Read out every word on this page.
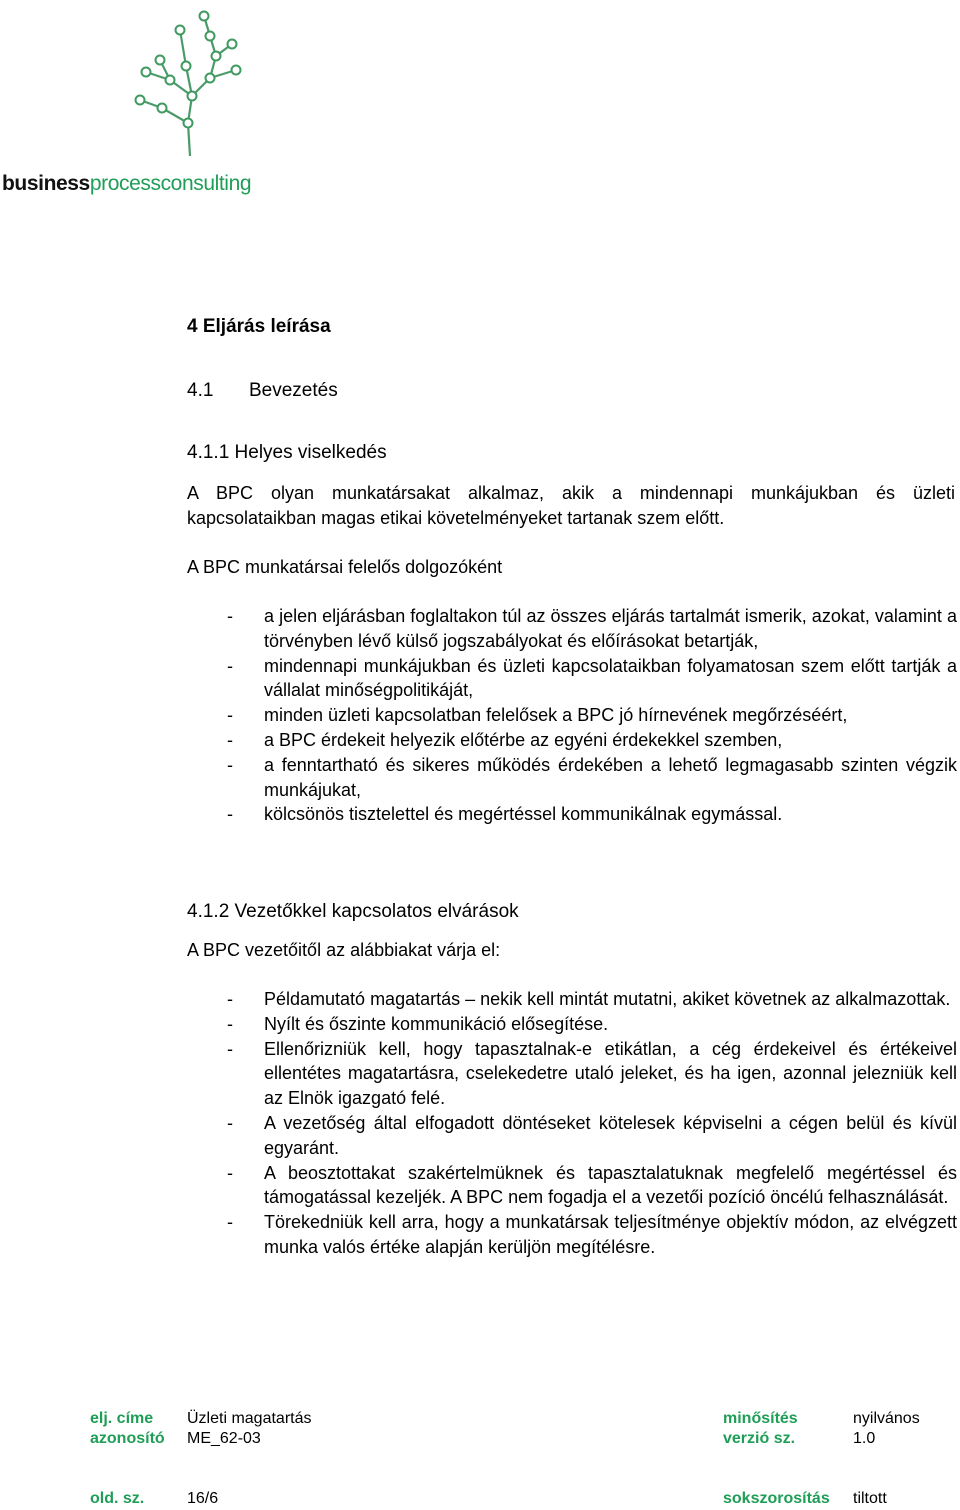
businessprocessconsulting
4 Eljárás leírása
4.1 Bevezetés
4.1.1 Helyes viselkedés
A BPC olyan munkatársakat alkalmaz, akik a mindennapi munkájukban és üzleti kapcsolataikban magas etikai követelményeket tartanak szem előtt.
A BPC munkatársai felelős dolgozóként
- a jelen eljárásban foglaltakon túl az összes eljárás tartalmát ismerik, azokat, valamint a törvényben lévő külső jogszabályokat és előírásokat betartják,
- mindennapi munkájukban és üzleti kapcsolataikban folyamatosan szem előtt tartják a vállalat minőségpolitikáját,
- minden üzleti kapcsolatban felelősek a BPC jó hírnevének megőrzéséért,
- a BPC érdekeit helyezik előtérbe az egyéni érdekekkel szemben,
- a fenntartható és sikeres működés érdekében a lehető legmagasabb szinten végzik munkájukat,
- kölcsönös tisztelettel és megértéssel kommunikálnak egymással.
4.1.2 Vezetőkkel kapcsolatos elvárások
A BPC vezetőitől az alábbiakat várja el:
- Példamutató magatartás – nekik kell mintát mutatni, akiket követnek az alkalmazottak.
- Nyílt és őszinte kommunikáció elősegítése.
- Ellenőrizniük kell, hogy tapasztalnak-e etikátlan, a cég érdekeivel és értékeivel ellentétes magatartásra, cselekedetre utaló jeleket, és ha igen, azonnal jelezniük kell az Elnök igazgató felé.
- A vezetőség által elfogadott döntéseket kötelesek képviselni a cégen belül és kívül egyaránt.
- A beosztottakat szakértelmüknek és tapasztalatuknak megfelelő megértéssel és támogatással kezeljék. A BPC nem fogadja el a vezetői pozíció öncélú felhasználását.
- Törekedniük kell arra, hogy a munkatársak teljesítménye objektív módon, az elvégzett munka valós értéke alapján kerüljön megítélésre.
elj. címe Üzleti magatartás	minősítés	nyilvános
azonosító ME_62-03	verzió sz.	1.0
old. sz.	16/6	sokszorosítás tiltott
